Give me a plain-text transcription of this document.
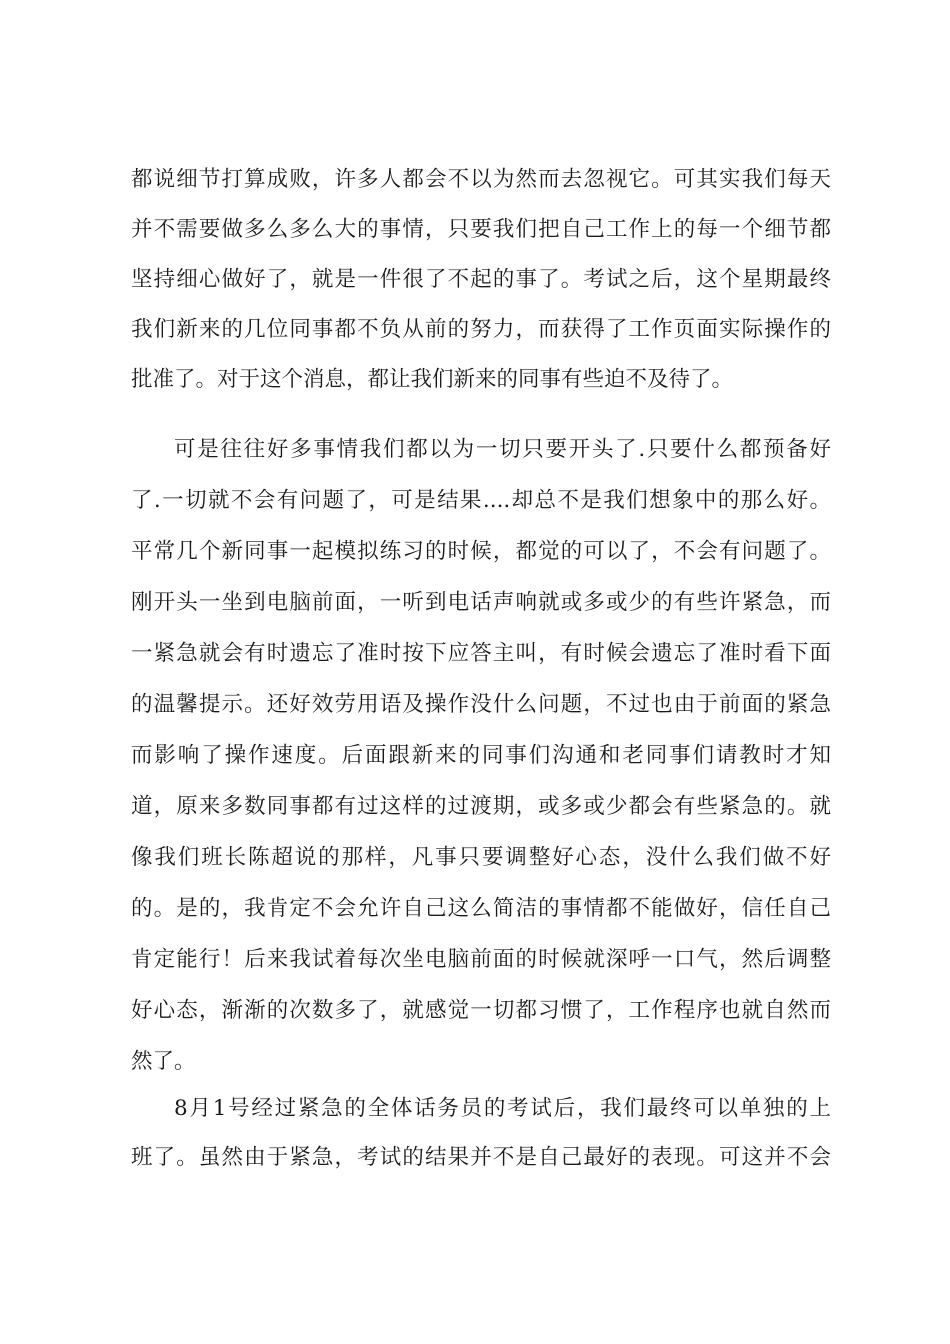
都说细节打算成败，许多人都会不以为然而去忽视它。可其实我们每天
并不需要做多么多么大的事情，只要我们把自己工作上的每一个细节都
坚持细心做好了，就是一件很了不起的事了。考试之后，这个星期最终
我们新来的几位同事都不负从前的努力，而获得了工作页面实际操作的
批准了。对于这个消息，都让我们新来的同事有些迫不及待了。
可是往往好多事情我们都以为一切只要开头了.只要什么都预备好
了.一切就不会有问题了，可是结果....却总不是我们想象中的那么好。
平常几个新同事一起模拟练习的时候，都觉的可以了，不会有问题了。
刚开头一坐到电脑前面，一听到电话声响就或多或少的有些许紧急，而
一紧急就会有时遗忘了准时按下应答主叫，有时候会遗忘了准时看下面
的温馨提示。还好效劳用语及操作没什么问题，不过也由于前面的紧急
而影响了操作速度。后面跟新来的同事们沟通和老同事们请教时才知
道，原来多数同事都有过这样的过渡期，或多或少都会有些紧急的。就
像我们班长陈超说的那样，凡事只要调整好心态，没什么我们做不好
的。是的，我肯定不会允许自己这么简洁的事情都不能做好，信任自己
肯定能行！后来我试着每次坐电脑前面的时候就深呼一口气，然后调整
好心态，渐渐的次数多了，就感觉一切都习惯了，工作程序也就自然而
然了。
8月1号经过紧急的全体话务员的考试后，我们最终可以单独的上
班了。虽然由于紧急，考试的结果并不是自己最好的表现。可这并不会
